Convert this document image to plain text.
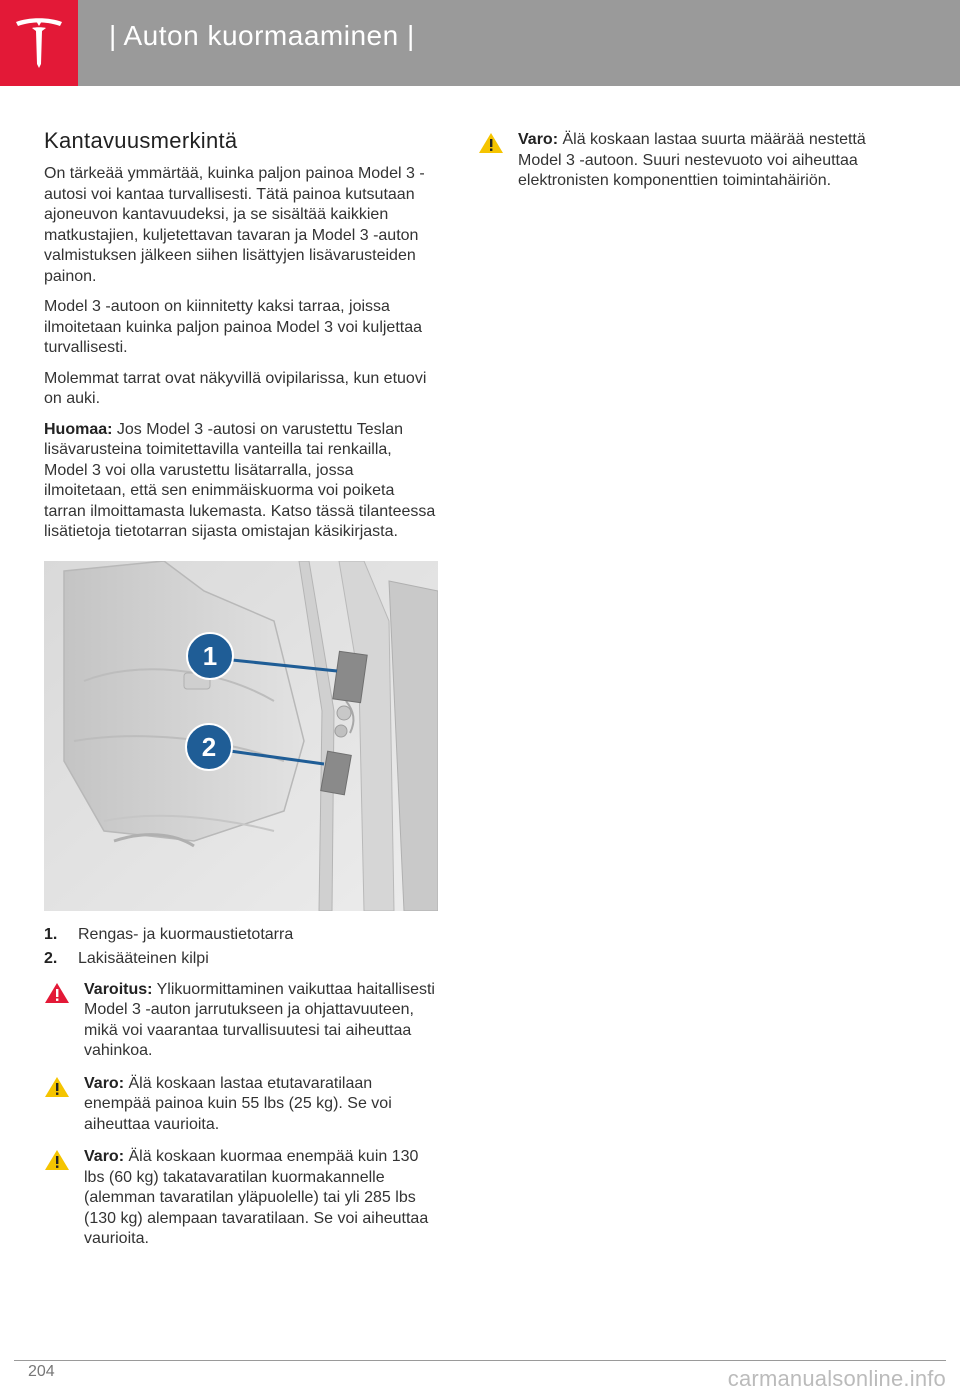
| Auton kuormaaminen |
Kantavuusmerkintä

On tärkeää ymmärtää, kuinka paljon painoa Model 3 -autosi voi kantaa turvallisesti. Tätä painoa kutsutaan ajoneuvon kantavuudeksi, ja se sisältää kaikkien matkustajien, kuljetettavan tavaran ja Model 3 -auton valmistuksen jälkeen siihen lisättyjen lisävarusteiden painon.

Model 3 -autoon on kiinnitetty kaksi tarraa, joissa ilmoitetaan kuinka paljon painoa Model 3 voi kuljettaa turvallisesti.

Molemmat tarrat ovat näkyvillä ovipilarissa, kun etuovi on auki.

Huomaa: Jos Model 3 -autosi on varustettu Teslan lisävarusteina toimitettavilla vanteilla tai renkailla, Model 3 voi olla varustettu lisätarralla, jossa ilmoitetaan, että sen enimmäiskuorma voi poiketa tarran ilmoittamasta lukemasta. Katso tässä tilanteessa lisätietoja tietotarran sijasta omistajan käsikirjasta.

1
2
1.	Rengas- ja kuormaustietotarra
2.	Lakisääteinen kilpi
Varoitus: Ylikuormittaminen vaikuttaa haitallisesti Model 3 -auton jarrutukseen ja ohjattavuuteen, mikä voi vaarantaa turvallisuutesi tai aiheuttaa vahinkoa.
Varo: Älä koskaan lastaa etutavaratilaan enempää painoa kuin 55 lbs (25 kg). Se voi aiheuttaa vaurioita.
Varo: Älä koskaan kuormaa enempää kuin 130 lbs (60 kg) takatavaratilan kuormakannelle (alemman tavaratilan yläpuolelle) tai yli 285 lbs (130 kg) alempaan tavaratilaan. Se voi aiheuttaa vaurioita.
Varo: Älä koskaan lastaa suurta määrää nestettä Model 3 -autoon. Suuri nestevuoto voi aiheuttaa elektronisten komponenttien toimintahäiriön.
204	carmanualsonline.info
